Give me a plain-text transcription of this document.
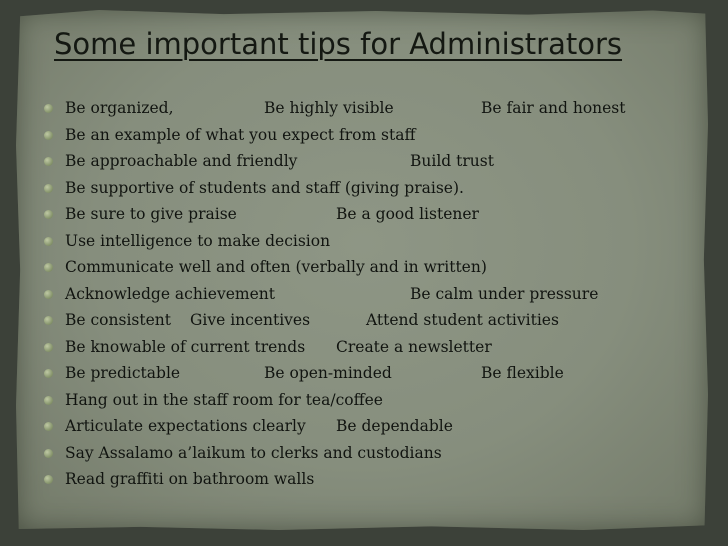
Some important tips for Administrators
Be organized,	Be highly visible	Be fair and honest
Be an example of what you expect from staff
Be approachable and friendly	Build trust
Be supportive of students and staff (giving praise).
Be sure to give praise	Be a good listener
Use intelligence to make decision
Communicate well and often (verbally and in written)
Acknowledge achievement	Be calm under pressure
Be consistent Give incentives	Attend student activities
Be knowable of current trends Create a newsletter
Be predictable	Be open-minded	Be flexible
Hang out in the staff room for tea/coffee
Articulate expectations clearly Be dependable
Say Assalamo a’laikum to clerks and custodians
Read graffiti on bathroom walls
